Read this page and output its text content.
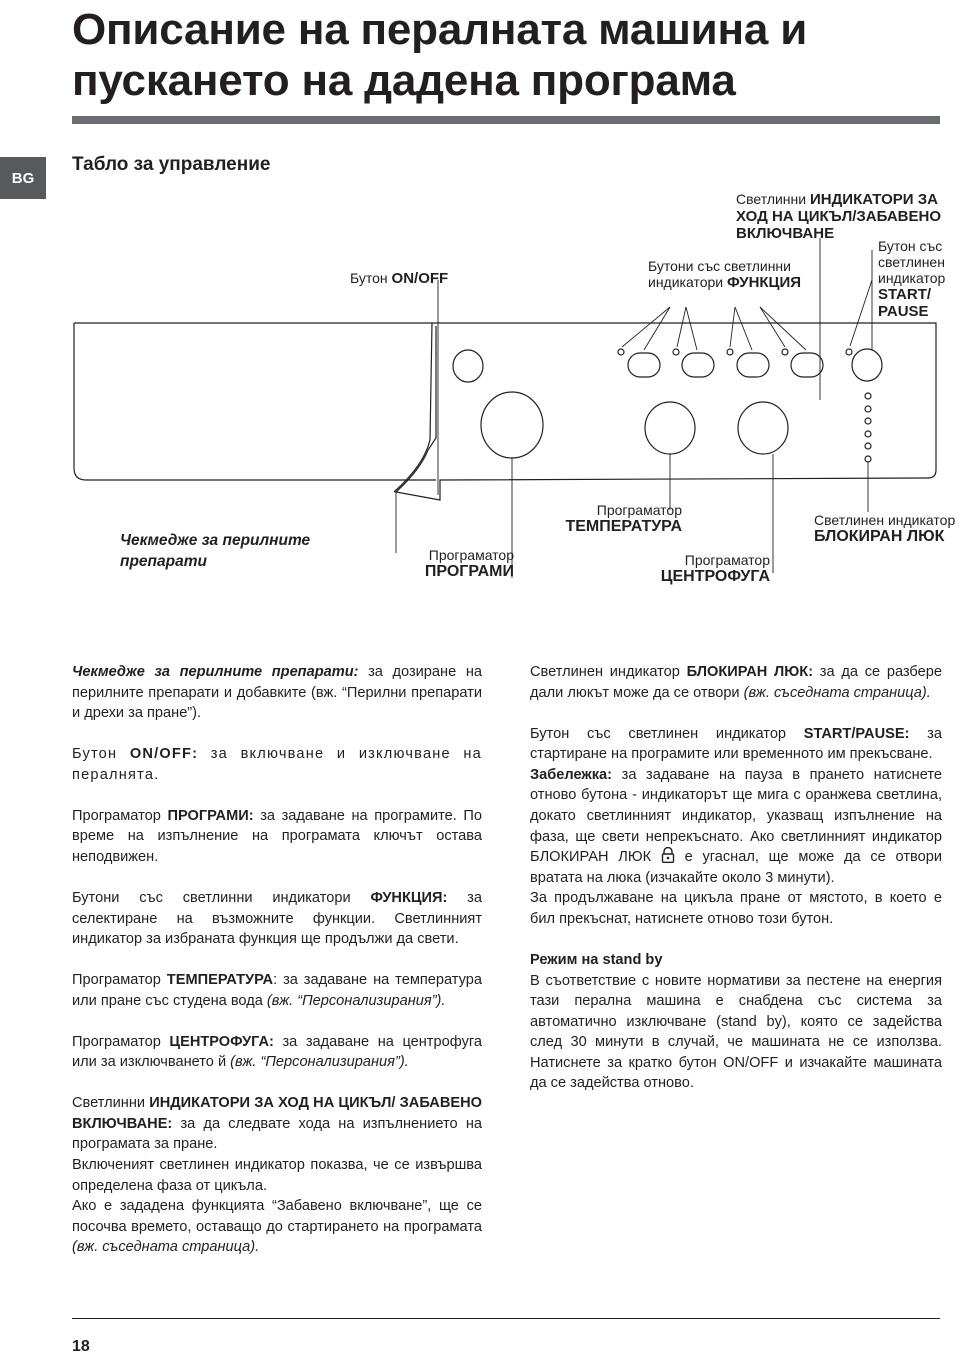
Описание на пералната машина и пускането на дадена програма
BG
Табло за управление
Светлинни ИНДИКАТОРИ ЗА ХОД НА ЦИКЪЛ/ЗАБАВЕНО ВКЛЮЧВАНЕ
Бутон със светлинен индикатор
START/ PAUSE
Бутони със светлинни индикатори ФУНКЦИЯ
Бутон ON/OFF
Чекмедже за перилните препарати	Програматор
ПРОГРАМИ
Програматор
ТЕМПЕРАТУРА
Програматор
ЦЕНТРОФУГА
Светлинен индикатор
БЛОКИРАН ЛЮК

Чекмедже за перилните препарати: за дозиране на перилните препарати и добавките (вж. “Перилни препарати и дрехи за пране”).

Бутон ON/OFF: за включване и изключване на пералнята.

Програматор ПРОГРАМИ: за задаване на програмите. По време на изпълнение на програмата ключът остава неподвижен.

Бутони със светлинни индикатори ФУНКЦИЯ: за селектиране на възможните функции. Светлинният индикатор за избраната функция ще продължи да свети.

Програматор ТЕМПЕРАТУРА: за задаване на температура или пране със студена вода (вж. “Персонализирания”).

Програматор ЦЕНТРОФУГА: за задаване на центрофуга или за изключването й (вж. “Персонализирания”).

Светлинни ИНДИКАТОРИ ЗА ХОД НА ЦИКЪЛ/ ЗАБАВЕНО ВКЛЮЧВАНЕ: за да следвате хода на изпълнението на програмата за пране.

Включеният светлинен индикатор показва, че се извършва определена фаза от цикъла.

Ако е зададена функцията “Забавено включване”, ще се посочва времето, оставащо до стартирането на програмата (вж. съседната страница).

Светлинен индикатор БЛОКИРАН ЛЮК: за да се разбере дали люкът може да се отвори (вж. съседната страница).

Бутон със светлинен индикатор START/PAUSE: за стартиране на програмите или временното им прекъсване.

Забележка: за задаване на пауза в прането натиснете отново бутона - индикаторът ще мига с оранжева светлина, докато светлинният индикатор, указващ изпълнение на фаза, ще свети непрекъснато. Ако светлинният индикатор БЛОКИРАН ЛЮК  е угаснал, ще може да се отвори вратата на люка (изчакайте около 3 минути).

За продължаване на цикъла пране от мястото, в което е бил прекъснат, натиснете отново този бутон.

Режим на stand by

В съответствие с новите нормативи за пестене на енергия тази перална машина е снабдена със система за автоматично изключване (stand by), която се задейства след 30 минути в случай, че машината не се използва. Натиснете за кратко бутон ON/OFF и изчакайте машината да се задейства отново.

18
